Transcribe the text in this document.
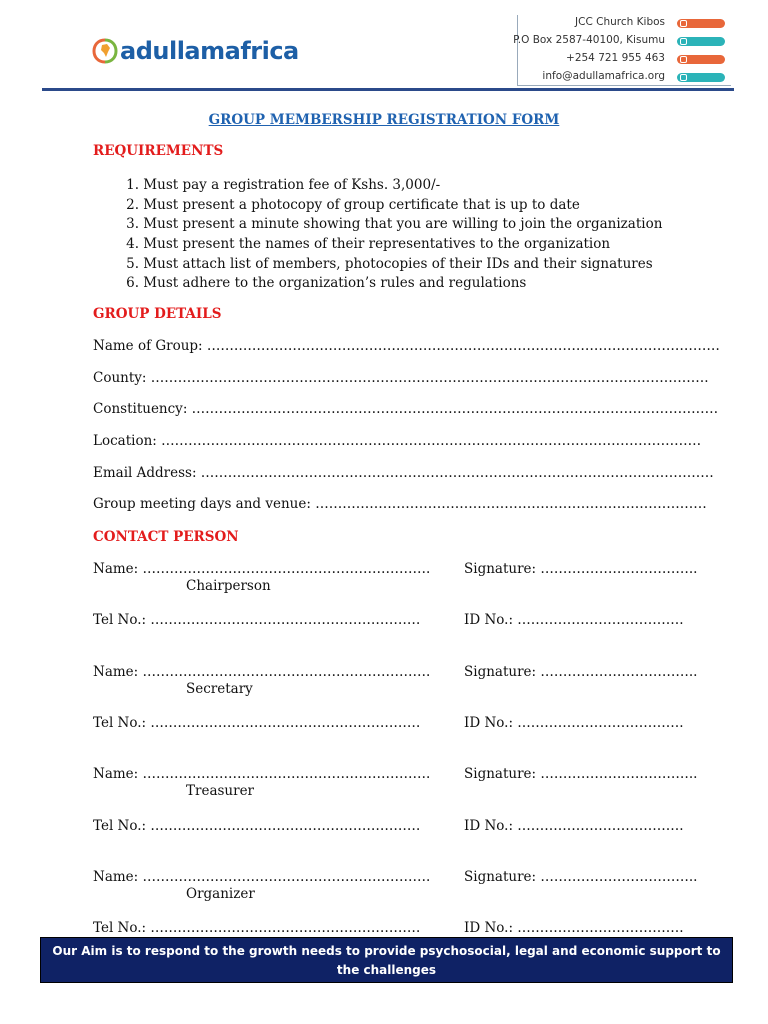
adullamafrica
JCC Church Kibos
P.O Box 2587-40100, Kisumu
+254 721 955 463
info@adullamafrica.org
GROUP MEMBERSHIP REGISTRATION FORM
REQUIREMENTS
1. Must pay a registration fee of Kshs. 3,000/-
2. Must present a photocopy of group certificate that is up to date
3. Must present a minute showing that you are willing to join the organization
4. Must present the names of their representatives to the organization
5. Must attach list of members, photocopies of their IDs and their signatures
6. Must adhere to the organization’s rules and regulations
GROUP DETAILS
Name of Group: ……………………………………………………………………………………………………
County: …………………………………………………………………………………………………………….
Constituency: ………………………………………………………………………………………………………
Location: …………………………………………………………………………………………………………
Email Address: ……………………………………………………………………………………………………
Group meeting days and venue: ……………………………………………………………………………
CONTACT PERSON
Name: ………………………………………………………. Signature: ……………………………..
Chairperson
Tel No.: ……………………………………………………	ID No.: ……………………………….
Name: ………………………………………………………. Signature: ……………………………..
Secretary
Tel No.: ……………………………………………………	ID No.: ……………………………….
Name: ………………………………………………………. Signature: ……………………………..
Treasurer
Tel No.: ……………………………………………………	ID No.: ……………………………….
Name: ………………………………………………………. Signature: ……………………………..
Organizer
Tel No.: ……………………………………………………	ID No.: ……………………………….
Our Aim is to respond to the growth needs to provide psychosocial, legal and economic support to the challenges
of the vulnerable members and the community they live in.
